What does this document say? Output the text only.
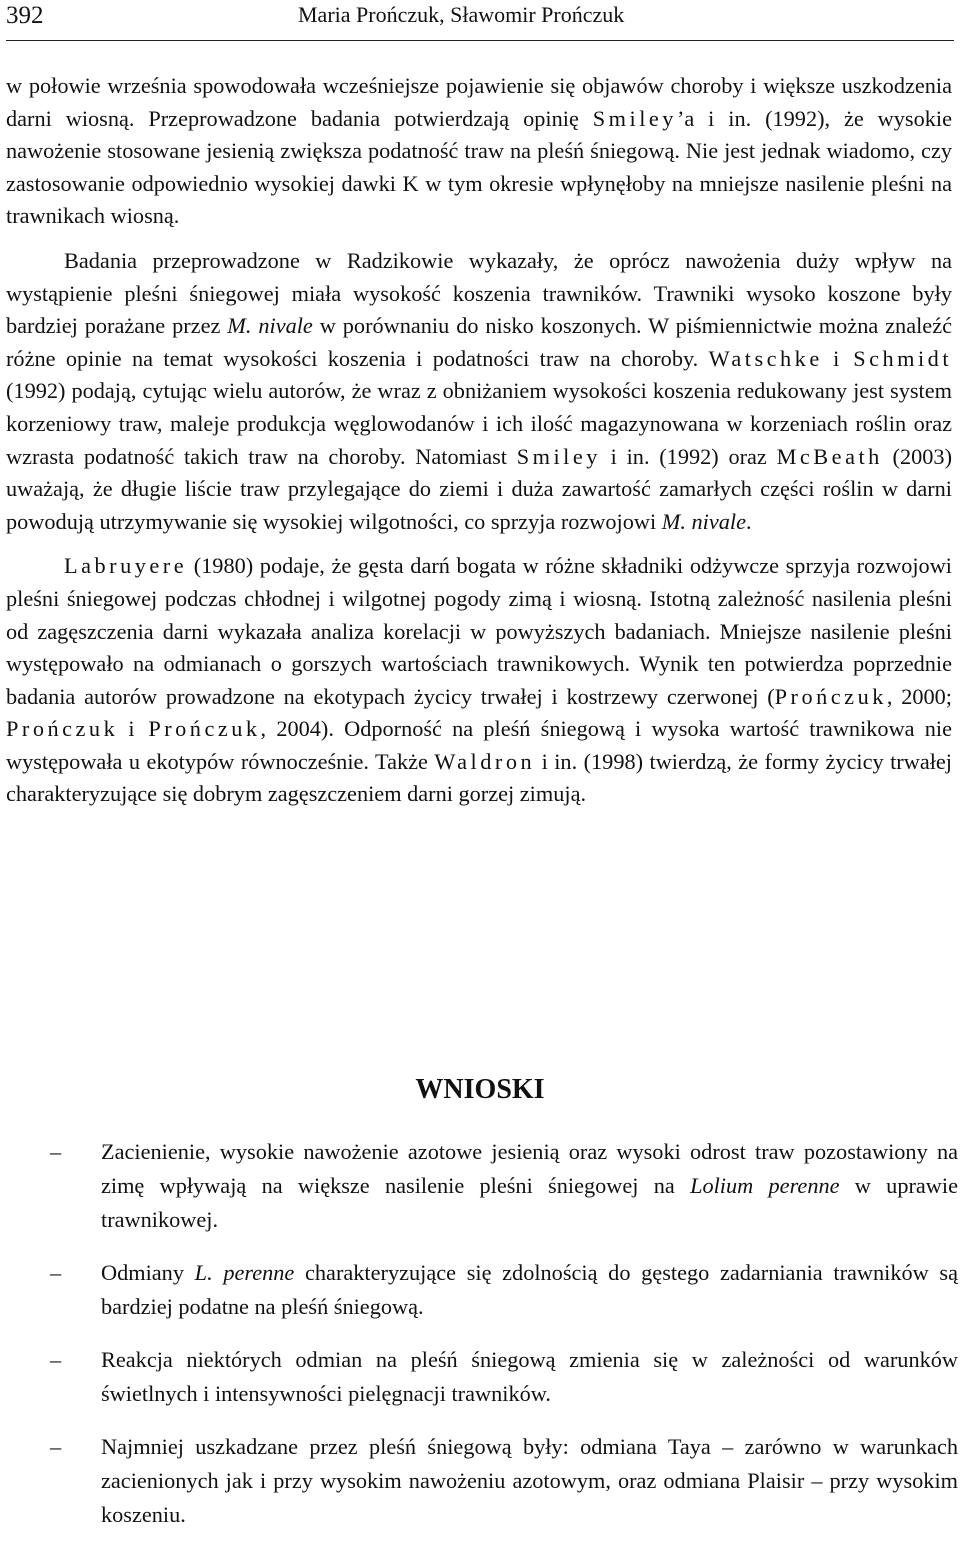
392	Maria Prończuk, Sławomir Prończuk

w połowie września spowodowała wcześniejsze pojawienie się objawów choroby i większe uszkodzenia darni wiosną. Przeprowadzone badania potwierdzają opinię Smiley’a i in. (1992), że wysokie nawożenie stosowane jesienią zwiększa podatność traw na pleśń śniegową. Nie jest jednak wiadomo, czy zastosowanie odpowiednio wysokiej dawki K w tym okresie wpłynęłoby na mniejsze nasilenie pleśni na trawnikach wiosną.

Badania przeprowadzone w Radzikowie wykazały, że oprócz nawożenia duży wpływ na wystąpienie pleśni śniegowej miała wysokość koszenia trawników. Trawniki wysoko koszone były bardziej porażane przez M. nivale w porównaniu do nisko koszonych. W piśmiennictwie można znaleźć różne opinie na temat wysokości koszenia i podatności traw na choroby. Watschke i Schmidt (1992) podają, cytując wielu autorów, że wraz z obniżaniem wysokości koszenia redukowany jest system korzeniowy traw, maleje produkcja węglowodanów i ich ilość magazynowana w korzeniach roślin oraz wzrasta podatność takich traw na choroby. Natomiast Smiley i in. (1992) oraz McBeath (2003) uważają, że długie liście traw przylegające do ziemi i duża zawartość zamarłych części roślin w darni powodują utrzymywanie się wysokiej wilgotności, co sprzyja rozwojowi M. nivale.

Labruyere (1980) podaje, że gęsta darń bogata w różne składniki odżywcze sprzyja rozwojowi pleśni śniegowej podczas chłodnej i wilgotnej pogody zimą i wiosną. Istotną zależność nasilenia pleśni od zagęszczenia darni wykazała analiza korelacji w powyższych badaniach. Mniejsze nasilenie pleśni występowało na odmianach o gorszych wartościach trawnikowych. Wynik ten potwierdza poprzednie badania autorów prowadzone na ekotypach życicy trwałej i kostrzewy czerwonej (Prończuk, 2000; Prończuk i Prończuk, 2004). Odporność na pleśń śniegową i wysoka wartość trawnikowa nie występowała u ekotypów równocześnie. Także Waldron i in. (1998) twierdzą, że formy życicy trwałej charakteryzujące się dobrym zagęszczeniem darni gorzej zimują.

WNIOSKI
– Zacienienie, wysokie nawożenie azotowe jesienią oraz wysoki odrost traw pozostawiony na zimę wpływają na większe nasilenie pleśni śniegowej na Lolium perenne w uprawie trawnikowej.
– Odmiany L. perenne charakteryzujące się zdolnością do gęstego zadarniania trawników są bardziej podatne na pleśń śniegową.
– Reakcja niektórych odmian na pleśń śniegową zmienia się w zależności od warunków świetlnych i intensywności pielęgnacji trawników.
– Najmniej uszkadzane przez pleśń śniegową były: odmiana Taya – zarówno w warunkach zacienionych jak i przy wysokim nawożeniu azotowym, oraz odmiana Plaisir – przy wysokim koszeniu.
